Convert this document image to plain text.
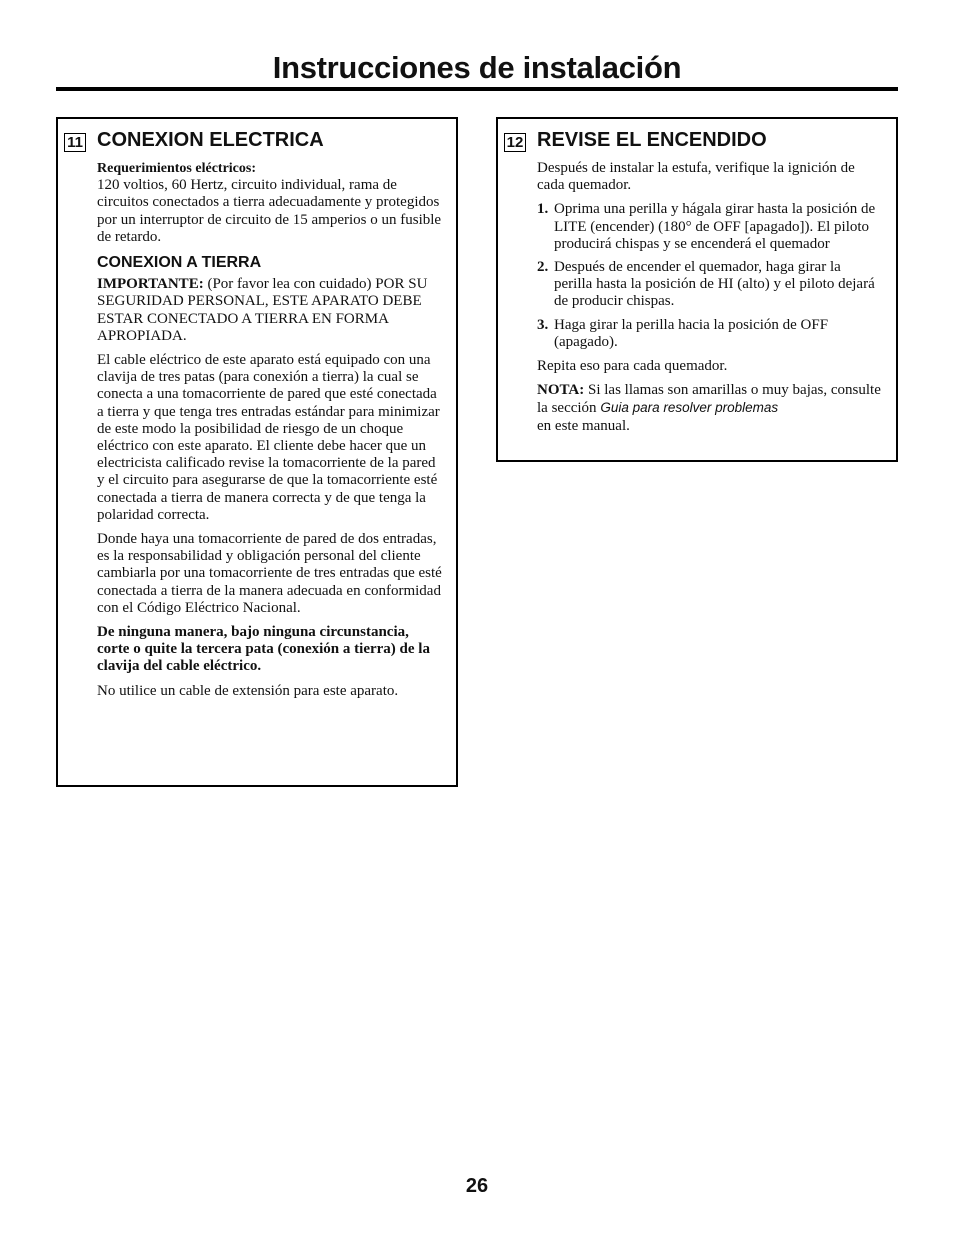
Instrucciones de instalación
11 CONEXION ELECTRICA

Requerimientos eléctricos:
120 voltios, 60 Hertz, circuito individual, rama de circuitos conectados a tierra adecuadamente y protegidos por un interruptor de circuito de 15 amperios o un fusible de retardo.

CONEXION A TIERRA

IMPORTANTE: (Por favor lea con cuidado) POR SU SEGURIDAD PERSONAL, ESTE APARATO DEBE ESTAR CONECTADO A TIERRA EN FORMA APROPIADA.

El cable eléctrico de este aparato está equipado con una clavija de tres patas (para conexión a tierra) la cual se conecta a una tomacorriente de pared que esté conectada a tierra y que tenga tres entradas estándar para minimizar de este modo la posibilidad de riesgo de un choque eléctrico con este aparato. El cliente debe hacer que un electricista calificado revise la tomacorriente de la pared y el circuito para asegurarse de que la tomacorriente esté conectada a tierra de manera correcta y de que tenga la polaridad correcta.

Donde haya una tomacorriente de pared de dos entradas, es la responsabilidad y obligación personal del cliente cambiarla por una tomacorriente de tres entradas que esté conectada a tierra de la manera adecuada en conformidad con el Código Eléctrico Nacional.

De ninguna manera, bajo ninguna circunstancia, corte o quite la tercera pata (conexión a tierra) de la clavija del cable eléctrico.

No utilice un cable de extensión para este aparato.

12 REVISE EL ENCENDIDO

Después de instalar la estufa, verifique la ignición de cada quemador.

1. Oprima una perilla y hágala girar hasta la posición de LITE (encender) (180° de OFF [apagado]). El piloto producirá chispas y se encenderá el quemador
2. Después de encender el quemador, haga girar la perilla hasta la posición de HI (alto) y el piloto dejará de producir chispas.
3. Haga girar la perilla hacia la posición de OFF (apagado).

Repita eso para cada quemador.

NOTA: Si las llamas son amarillas o muy bajas, consulte la sección Guia para resolver problemas
en este manual.

26
